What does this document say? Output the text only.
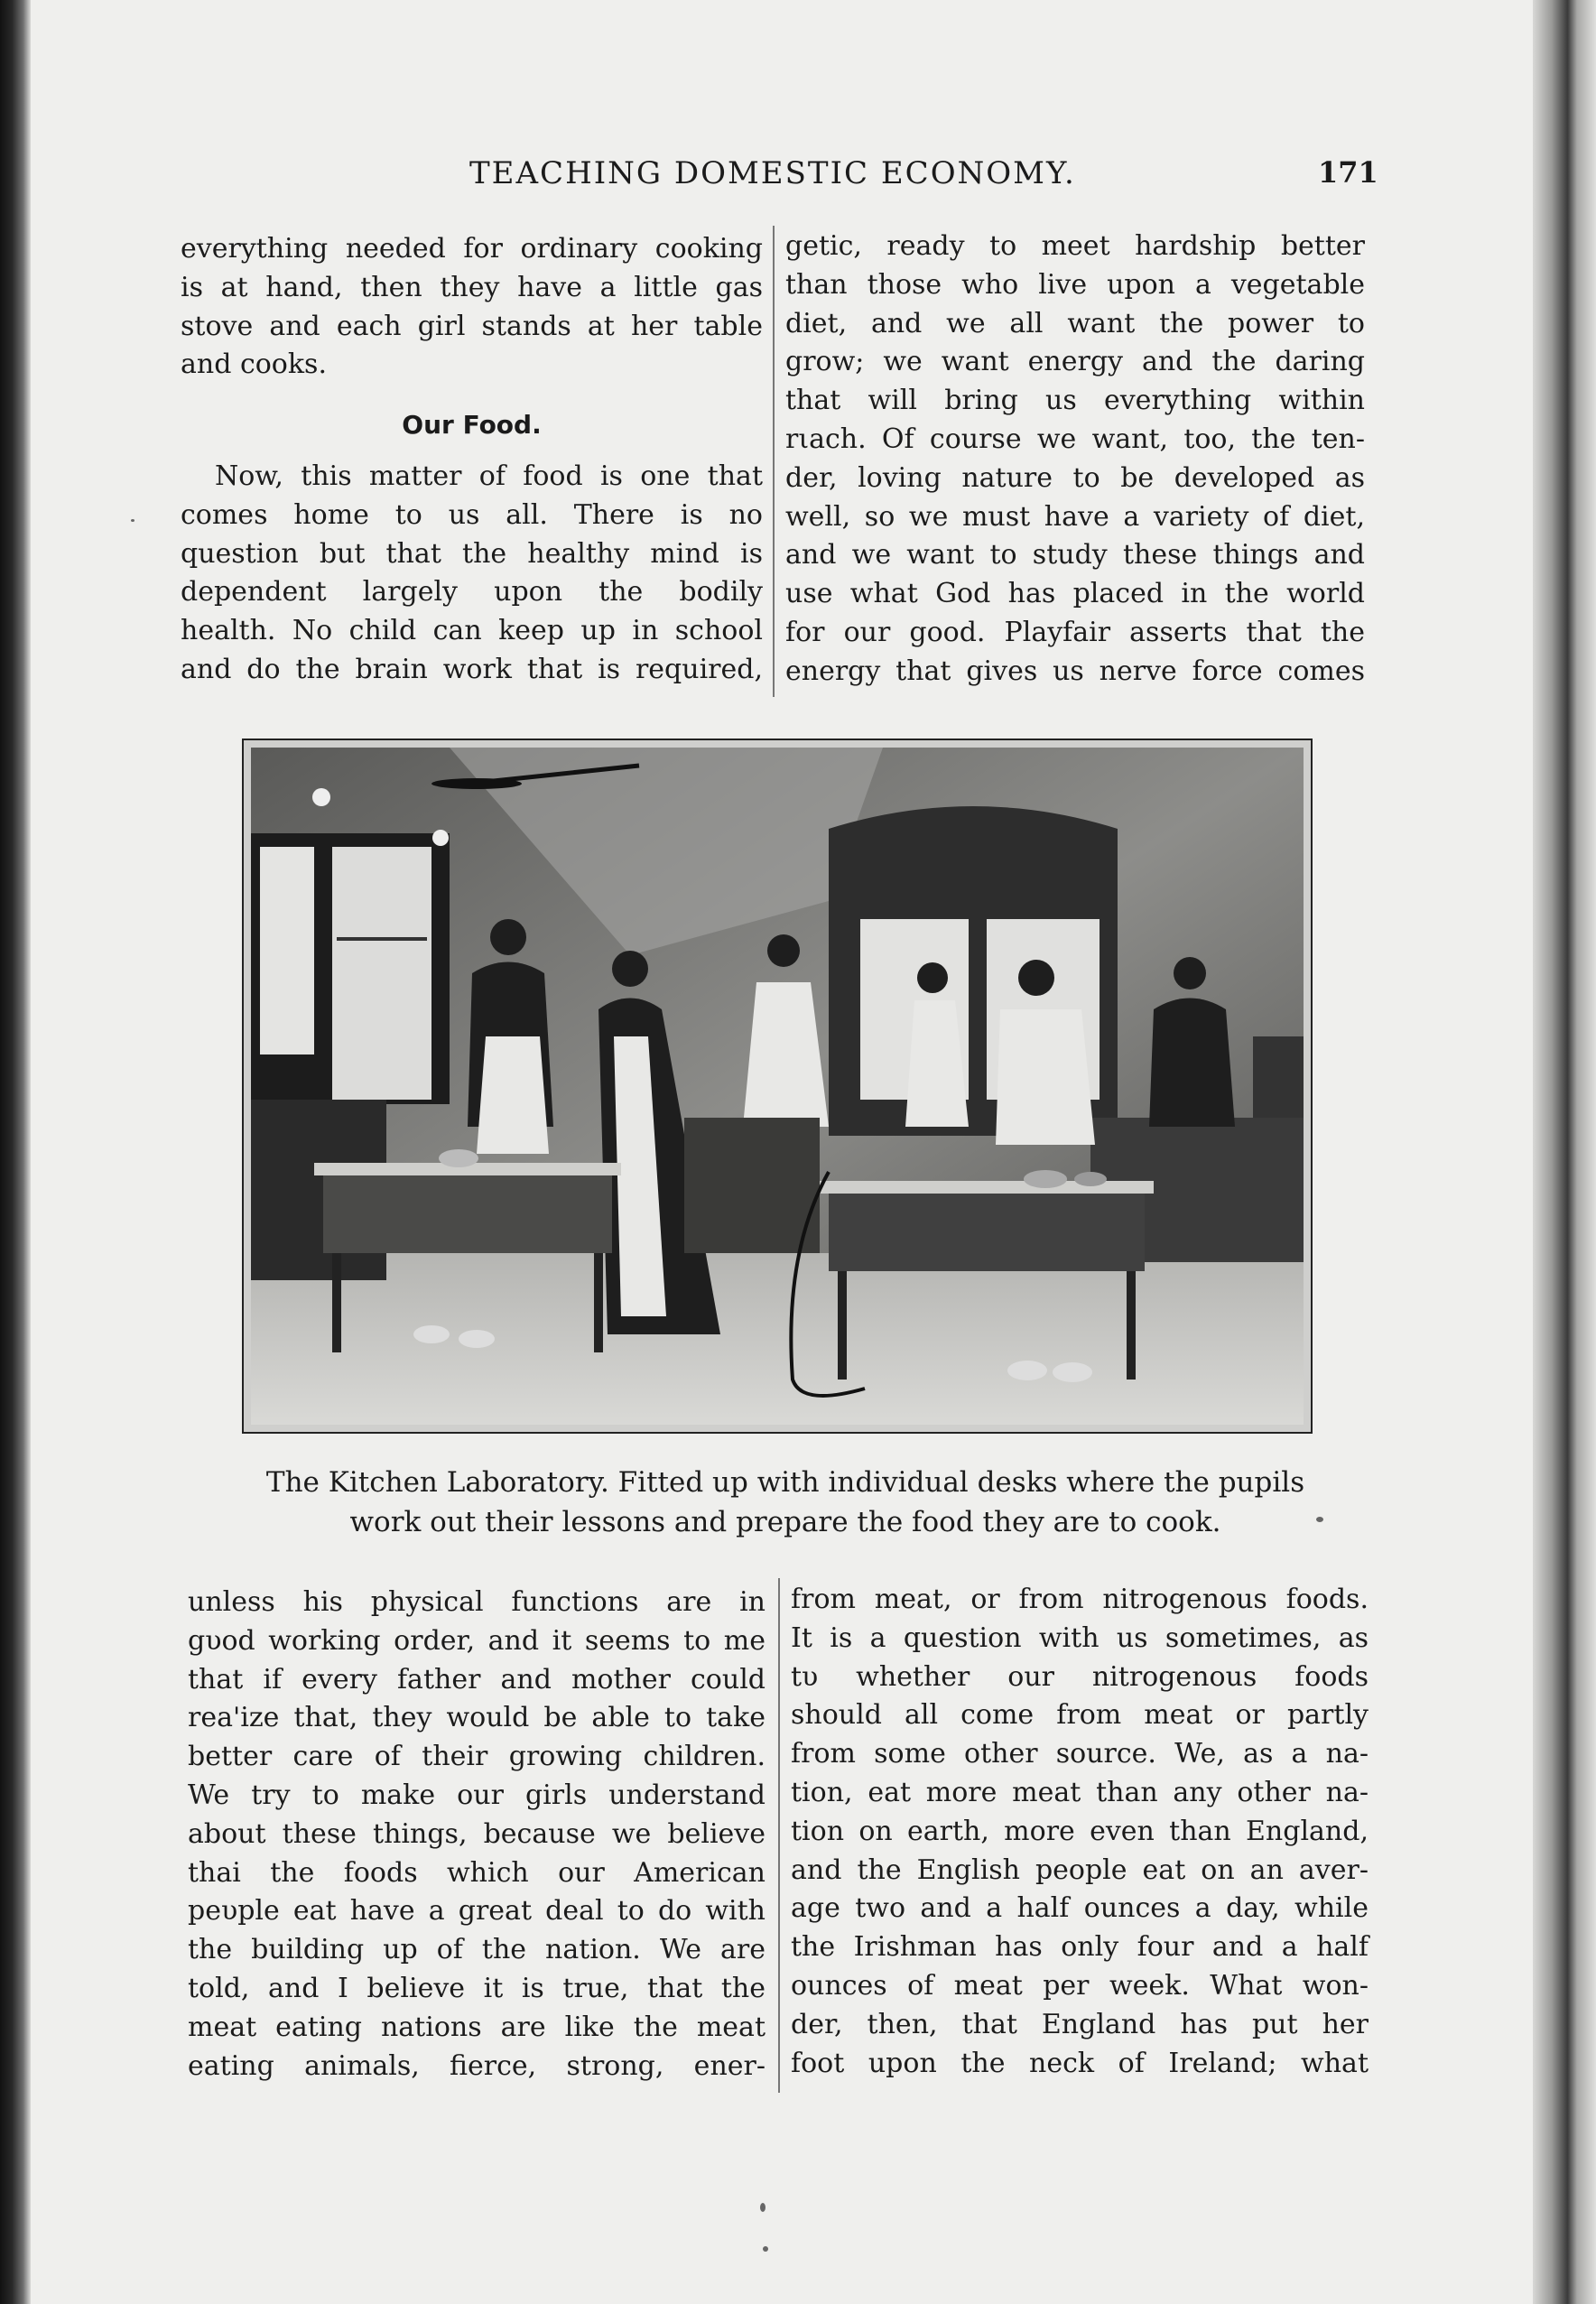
TEACHING DOMESTIC ECONOMY.	171

everything needed for ordinary cooking

is at hand, then they have a little gas

stove and each girl stands at her table

and cooks.

Our Food.

Now, this matter of food is one that

comes home to us all. There is no

question but that the healthy mind is

dependent largely upon the bodily

health. No child can keep up in school

and do the brain work that is required,

getic, ready to meet hardship better

than those who live upon a vegetable

diet, and we all want the power to

grow; we want energy and the daring

that will bring us everything within

rιach. Of course we want, too, the ten-

der, loving nature to be developed as

well, so we must have a variety of diet,

and we want to study these things and

use what God has placed in the world

for our good. Playfair asserts that the

energy that gives us nerve force comes

The Kitchen Laboratory. Fitted up with individual desks where the pupils
work out their lessons and prepare the food they are to cook.

unless his physical functions are in

gυod working order, and it seems to me

that if every father and mother could

rea'ize that, they would be able to take

better care of their growing children.

We try to make our girls understand

about these things, because we believe

thai the foods which our American

peυple eat have a great deal to do with

the building up of the nation. We are

told, and I believe it is true, that the

meat eating nations are like the meat

eating animals, fierce, strong, ener-

from meat, or from nitrogenous foods.

It is a question with us sometimes, as

tυ whether our nitrogenous foods

should all come from meat or partly

from some other source. We, as a na-

tion, eat more meat than any other na-

tion on earth, more even than England,

and the English people eat on an aver-

age two and a half ounces a day, while

the Irishman has only four and a half

ounces of meat per week. What won-

der, then, that England has put her

foot upon the neck of Ireland; what
